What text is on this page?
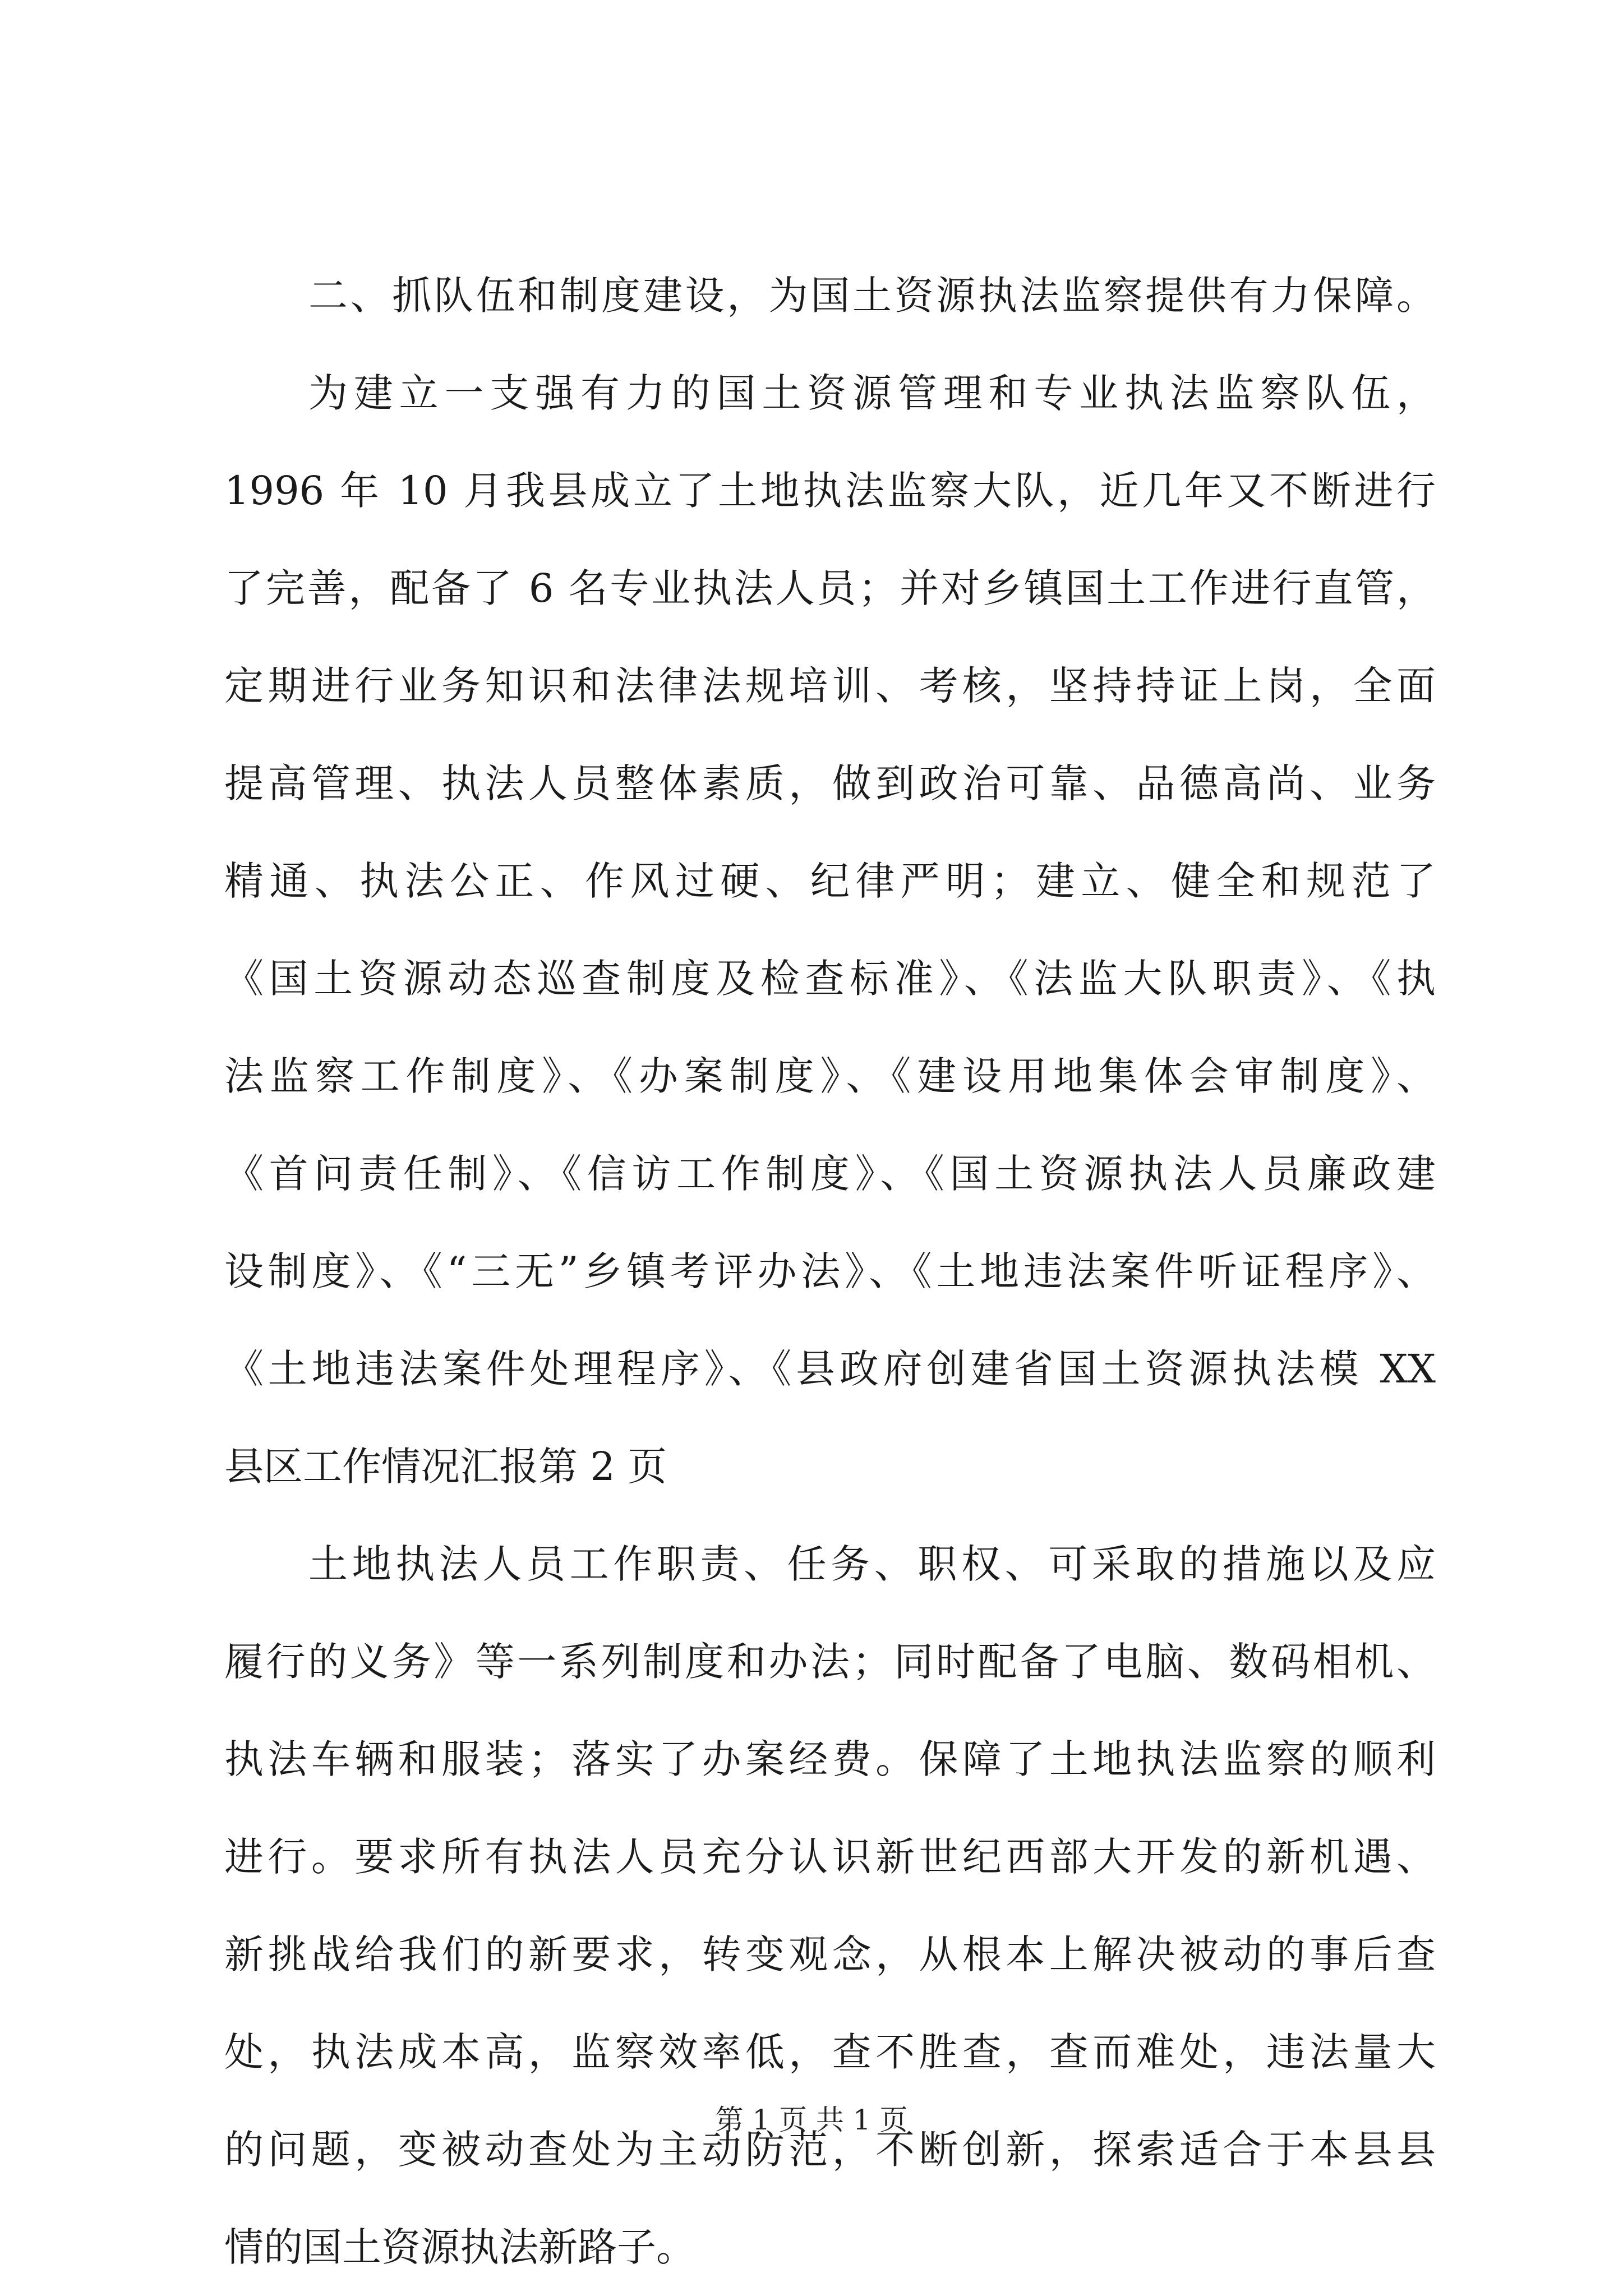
二、抓队伍和制度建设，为国土资源执法监察提供有力保障。
为建立一支强有力的国土资源管理和专业执法监察队伍，
1996 年 10 月我县成立了土地执法监察大队，近几年又不断进行
了完善，配备了 6 名专业执法人员；并对乡镇国土工作进行直管，
定期进行业务知识和法律法规培训、考核，坚持持证上岗，全面
提高管理、执法人员整体素质，做到政治可靠、品德高尚、业务
精通、执法公正、作风过硬、纪律严明；建立、健全和规范了
《国土资源动态巡查制度及检查标准》、《法监大队职责》、《执
法监察工作制度》、《办案制度》、《建设用地集体会审制度》、
《首问责任制》、《信访工作制度》、《国土资源执法人员廉政建
设制度》、《“三无”乡镇考评办法》、《土地违法案件听证程序》、
《土地违法案件处理程序》、《县政府创建省国土资源执法模 XX
县区工作情况汇报第 2 页
土地执法人员工作职责、任务、职权、可采取的措施以及应
履行的义务》等一系列制度和办法；同时配备了电脑、数码相机、
执法车辆和服装；落实了办案经费。保障了土地执法监察的顺利
进行。要求所有执法人员充分认识新世纪西部大开发的新机遇、
新挑战给我们的新要求，转变观念，从根本上解决被动的事后查
处，执法成本高，监察效率低，查不胜查，查而难处，违法量大
的问题，变被动查处为主动防范，不断创新，探索适合于本县县
情的国土资源执法新路子。
第 1 页 共 1 页
